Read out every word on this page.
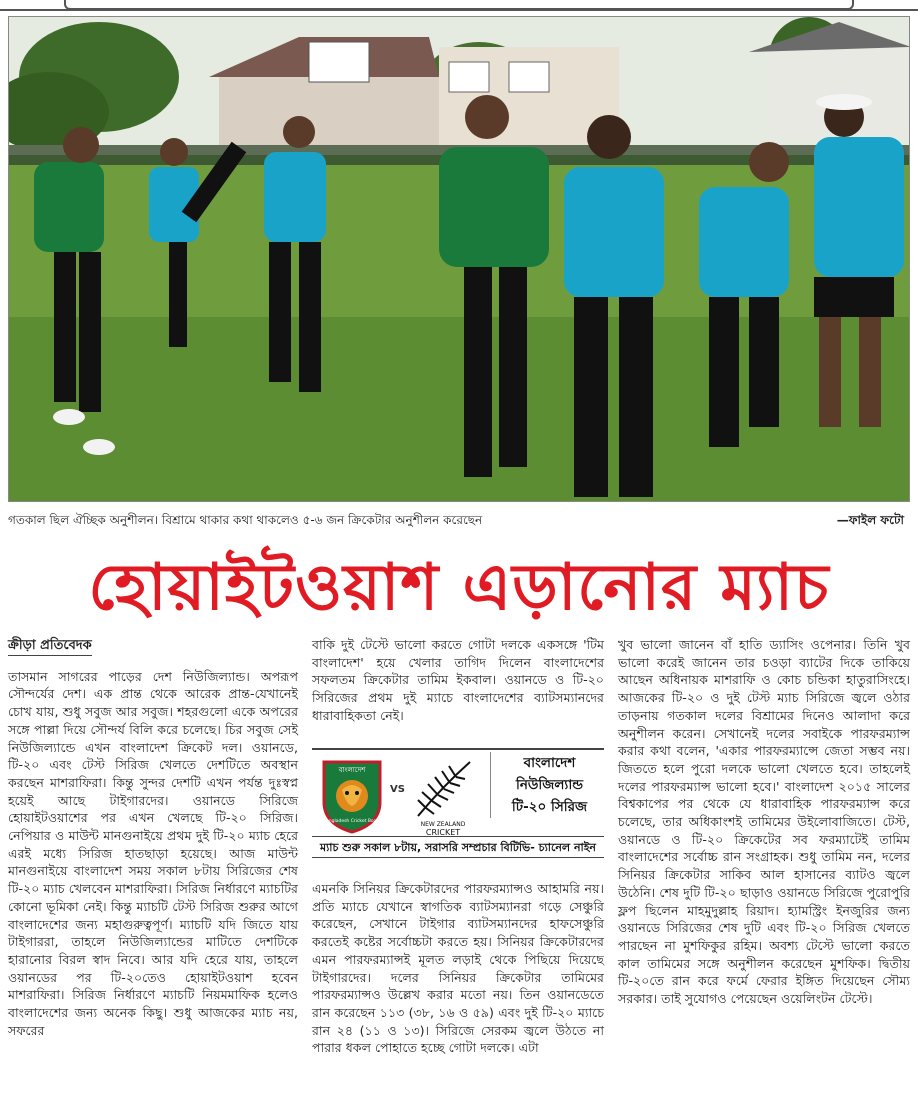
গতকাল ছিল ঐচ্ছিক অনুশীলন। বিশ্রামে থাকার কথা থাকলেও ৫-৬ জন ক্রিকেটার অনুশীলন করেছেন	—ফাইল ফটো
হোয়াইটওয়াশ এড়ানোর ম্যাচ
ক্রীড়া প্রতিবেদক

তাসমান সাগরের পাড়ের দেশ নিউজিল্যান্ড। অপরূপ সৌন্দর্যের দেশ। এক প্রান্ত থেকে আরেক প্রান্ত-যেখানেই চোখ যায়, শুধু সবুজ আর সবুজ। শহরগুলো একে অপরের সঙ্গে পাল্লা দিয়ে সৌন্দর্য বিলি করে চলেছে। চির সবুজ সেই নিউজিল্যান্ডে এখন বাংলাদেশ ক্রিকেট দল। ওয়ানডে, টি-২০ এবং টেস্ট সিরিজ খেলতে দেশটিতে অবস্থান করছেন মাশরাফিরা। কিন্তু সুন্দর দেশটি এখন পর্যন্ত দুঃস্বপ্ন হয়েই আছে টাইগারদের। ওয়ানডে সিরিজে হোয়াইটওয়াশের পর এখন খেলছে টি-২০ সিরিজ। নেপিয়ার ও মাউন্ট মানগুনাইয়ে প্রথম দুই টি-২০ ম্যাচ হেরে এরই মধ্যে সিরিজ হাতছাড়া হয়েছে। আজ মাউন্ট মানগুনাইয়ে বাংলাদেশ সময় সকাল ৮টায় সিরিজের শেষ টি-২০ ম্যাচ খেলবেন মাশরাফিরা। সিরিজ নির্ধারণে ম্যাচটির কোনো ভূমিকা নেই। কিন্তু ম্যাচটি টেস্ট সিরিজ শুরুর আগে বাংলাদেশের জন্য মহাগুরুত্বপূর্ণ। ম্যাচটি যদি জিতে যায় টাইগাররা, তাহলে নিউজিল্যান্ডের মাটিতে দেশটিকে হারানোর বিরল স্বাদ নিবে। আর যদি হেরে যায়, তাহলে ওয়ানডের পর টি-২০তেও হোয়াইটওয়াশ হবেন মাশরাফিরা। সিরিজ নির্ধারণে ম্যাচটি নিয়মমাফিক হলেও বাংলাদেশের জন্য অনেক কিছু। শুধু আজকের ম্যাচ নয়, সফরের

বাকি দুই টেস্টে ভালো করতে গোটা দলকে একসঙ্গে 'টিম বাংলাদেশ' হয়ে খেলার তাগিদ দিলেন বাংলাদেশের সফলতম ক্রিকেটার তামিম ইকবাল। ওয়ানডে ও টি-২০ সিরিজের প্রথম দুই ম্যাচে বাংলাদেশের ব্যাটসম্যানদের ধারাবাহিকতা নেই।

বাংলাদেশ
Bangladesh Cricket Board
VS
NEW ZEALAND
CRICKET
বাংলাদেশ
নিউজিল্যান্ড
টি-২০ সিরিজ
ম্যাচ শুরু সকাল ৮টায়, সরাসরি সম্প্রচার বিটিভি- চ্যানেল নাইন

এমনকি সিনিয়র ক্রিকেটারদের পারফরম্যান্সও আহামরি নয়। প্রতি ম্যাচে যেখানে স্বাগতিক ব্যাটসম্যানরা গড়ে সেঞ্চুরি করেছেন, সেখানে টাইগার ব্যাটসম্যানদের হাফসেঞ্চুরি করতেই কষ্টের সর্বোচ্চটা করতে হয়। সিনিয়র ক্রিকেটারদের এমন পারফরম্যান্সই মূলত লড়াই থেকে পিছিয়ে দিয়েছে টাইগারদের। দলের সিনিয়র ক্রিকেটার তামিমের পারফরম্যান্সও উল্লেখ করার মতো নয়। তিন ওয়ানডেতে রান করেছেন ১১৩ (৩৮, ১৬ ও ৫৯) এবং দুই টি-২০ ম্যাচে রান ২৪ (১১ ও ১৩)। সিরিজে সেরকম জ্বলে উঠতে না পারার ধকল পোহাতে হচ্ছে গোটা দলকে। এটা

খুব ভালো জানেন বাঁ হাতি ড্যাসিং ওপেনার। তিনি খুব ভালো করেই জানেন তার চওড়া ব্যাটের দিকে তাকিয়ে আছেন অধিনায়ক মাশরাফি ও কোচ চন্ডিকা হাতুরাসিংহে। আজকের টি-২০ ও দুই টেস্ট ম্যাচ সিরিজে জ্বলে ওঠার তাড়নায় গতকাল দলের বিশ্রামের দিনেও আলাদা করে অনুশীলন করেন। সেখানেই দলের সবাইকে পারফরম্যান্স করার কথা বলেন, 'একার পারফরম্যান্সে জেতা সম্ভব নয়। জিততে হলে পুরো দলকে ভালো খেলতে হবে। তাহলেই দলের পারফরম্যান্স ভালো হবে।' বাংলাদেশ ২০১৫ সালের বিশ্বকাপের পর থেকে যে ধারাবাহিক পারফরম্যান্স করে চলেছে, তার অধিকাংশই তামিমের উইলোবাজিতে। টেস্ট, ওয়ানডে ও টি-২০ ক্রিকেটের সব ফরম্যাটেই তামিম বাংলাদেশের সর্বোচ্চ রান সংগ্রাহক। শুধু তামিম নন, দলের সিনিয়র ক্রিকেটার সাকিব আল হাসানের ব্যাটও জ্বলে উঠেনি। শেষ দুটি টি-২০ ছাড়াও ওয়ানডে সিরিজে পুরোপুরি ফ্লপ ছিলেন মাহমুদুল্লাহ রিয়াদ। হ্যামস্ট্রিং ইনজুরির জন্য ওয়ানডে সিরিজের শেষ দুটি এবং টি-২০ সিরিজ খেলতে পারছেন না মুশফিকুর রহিম। অবশ্য টেস্টে ভালো করতে কাল তামিমের সঙ্গে অনুশীলন করেছেন মুশফিক। দ্বিতীয় টি-২০তে রান করে ফর্মে ফেরার ইঙ্গিত দিয়েছেন সৌম্য সরকার। তাই সুযোগও পেয়েছেন ওয়েলিংটন টেস্টে।
